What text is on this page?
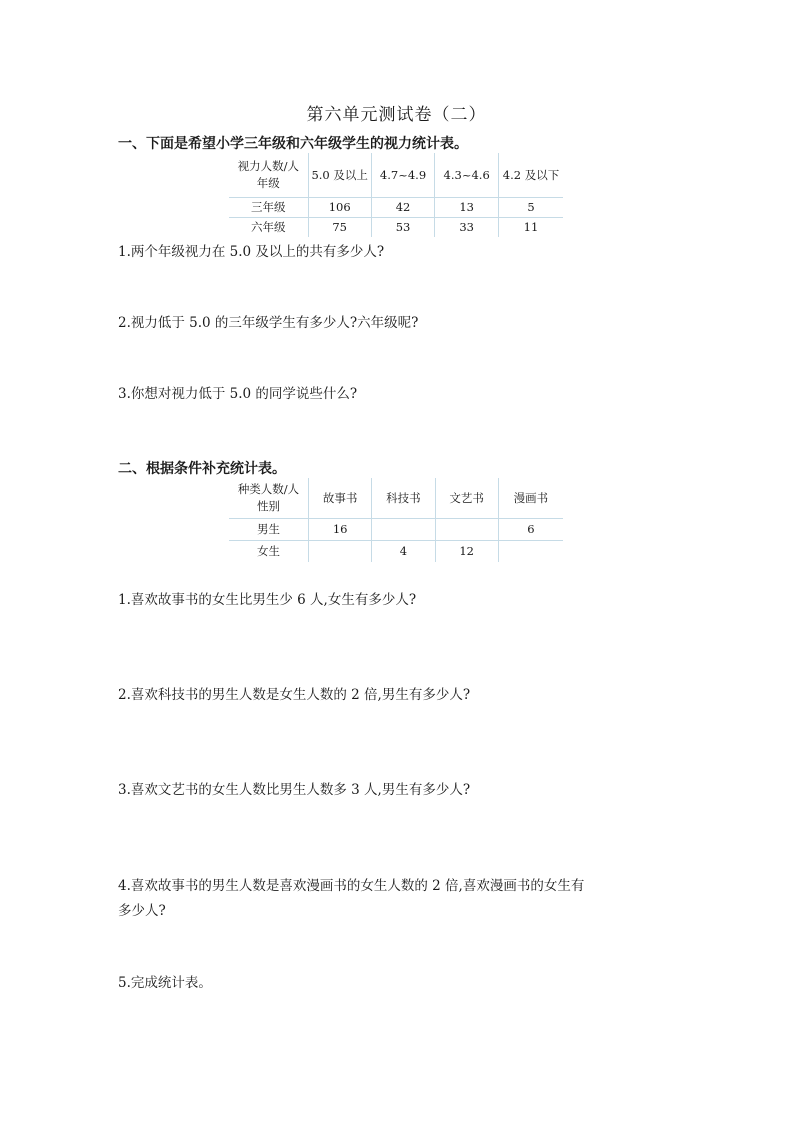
第六单元测试卷（二）
一、下面是希望小学三年级和六年级学生的视力统计表。
视力人数/人
年级	5.0 及以上	4.7~4.9	4.3~4.6	4.2 及以下
三年级	106	42	13	5
六年级	75	53	33	11
1.两个年级视力在 5.0 及以上的共有多少人?
2.视力低于 5.0 的三年级学生有多少人?六年级呢?
3.你想对视力低于 5.0 的同学说些什么?
二、根据条件补充统计表。
种类人数/人
性别	故事书	科技书	文艺书	漫画书
男生	16			6
女生		4	12	
1.喜欢故事书的女生比男生少 6 人,女生有多少人?
2.喜欢科技书的男生人数是女生人数的 2 倍,男生有多少人?
3.喜欢文艺书的女生人数比男生人数多 3 人,男生有多少人?
4.喜欢故事书的男生人数是喜欢漫画书的女生人数的 2 倍,喜欢漫画书的女生有
多少人?
5.完成统计表。
